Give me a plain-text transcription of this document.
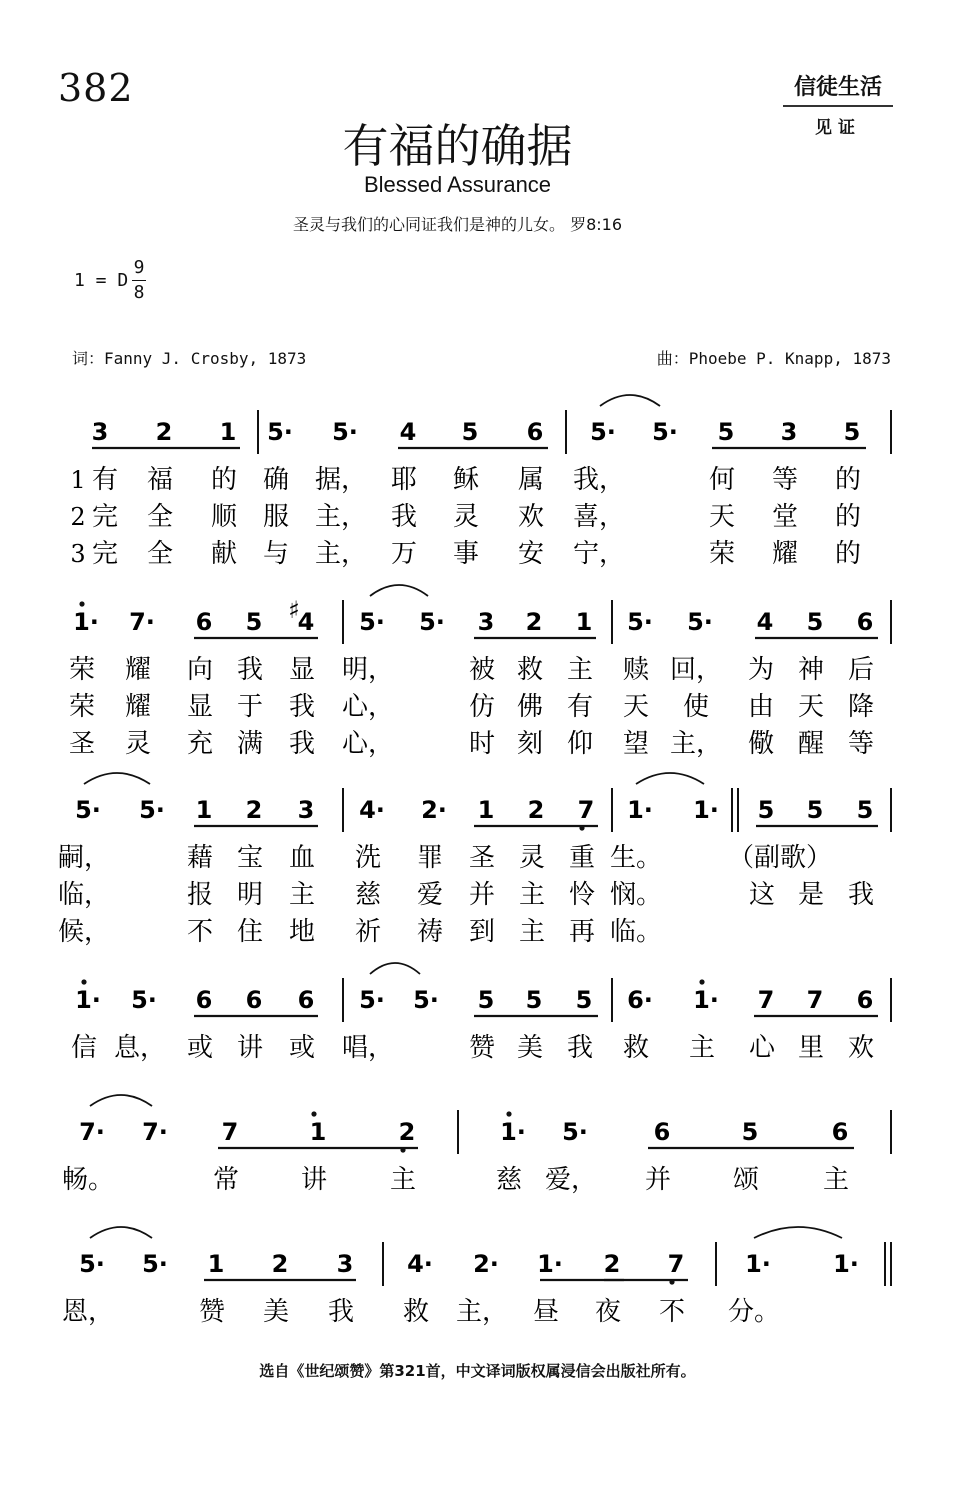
382	信徒生活
见证
有福的确据
Blessed Assurance
圣灵与我们的心同证我们是神的儿女。 罗8:16
1 = D
9
8
词：Fanny J. Crosby, 1873	曲：Phoebe P. Knapp, 1873
3 2 1 5· 5· 4 5 6 5· 5· 5 3 5
1 有 福 的 确 据， 耶 稣 属 我，	何 等 的
2 完 全 顺 服 主， 我 灵 欢 喜，	天 堂 的
3 完 全 献 与 主， 万 事 安 宁，	荣 耀 的
1· 7· 6 5 4
♯ 5· 5· 3 2 1 5· 5· 4 5 6
荣 耀 向 我 显 明，	被 救 主 赎 回， 为 神 后
荣 耀 显 于 我 心，	仿 佛 有 天 使 由 天 降
圣 灵 充 满 我 心，	时 刻 仰 望 主， 儆 醒 等
5· 5· 1 2 3 4· 2· 1 2 7 1· 1· 5 5 5
嗣，	藉 宝 血 洗 罪 圣 灵 重 生。
临，	报 明 主 慈 爱 并 主 怜 悯。	这 是 我
候，	不 住 地 祈 祷 到 主 再 临。
（副歌）
1· 5· 6 6 6 5· 5· 5 5 5 6· 1· 7 7 6
信 息， 或 讲 或 唱，	赞 美 我 救 主 心 里 欢
7· 7· 7	1	2	1· 5·	6	5	6
畅。	常 讲 主	慈 爱， 并 颂 主
5· 5· 1 2 3 4· 2· 1· 2 7	1·	1·
恩，	赞 美 我 救 主， 昼 夜 不 分。
选自《世纪颂赞》第321首，中文译词版权属浸信会出版社所有。
